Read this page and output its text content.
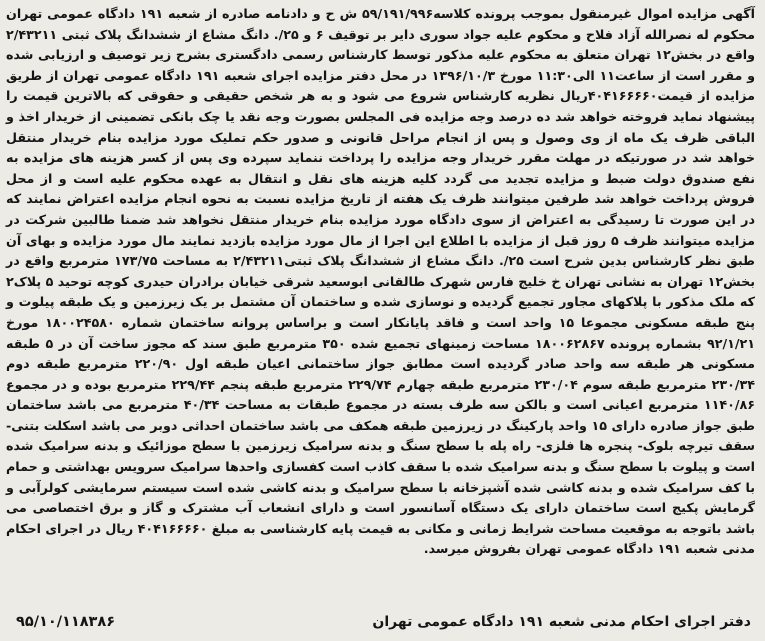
آگهی مزایده اموال غیرمنقول بموجب پرونده کلاسه۵۹/۱۹۱/۹۹۶ ش ح و دادنامه صادره از شعبه ۱۹۱ دادگاه عمومی تهران محکوم له نصرالله آزاد فلاح و محکوم علیه جواد سوری دایر بر توقیف ۶ و ۲۵/. دانگ مشاع از ششدانگ پلاک ثبتی ۲/۴۳۲۱۱ واقع در بخش۱۲ تهران متعلق به محکوم علیه مذکور توسط کارشناس رسمی دادگستری بشرح زیر توصیف و ارزیابی شده و مقرر است از ساعت۱۱ الی۱۱:۳۰ مورخ ۱۳۹۶/۱۰/۳ در محل دفتر مزایده اجرای شعبه ۱۹۱ دادگاه عمومی تهران از طریق مزایده از قیمت۴۰۴۱۶۶۶۶۰ریال نظریه کارشناس شروع می شود و به هر شخص حقیقی و حقوقی که بالاترین قیمت را پیشنهاد نماید فروخته خواهد شد ده درصد وجه مزایده فی المجلس بصورت وجه نقد یا چک بانکی تضمینی از خریدار اخذ و الباقی ظرف یک ماه از وی وصول و پس از انجام مراحل قانونی و صدور حکم تملیک مورد مزایده بنام خریدار منتقل خواهد شد در صورتیکه در مهلت مقرر خریدار وجه مزایده را پرداخت ننماید سپرده وی پس از کسر هزینه های مزایده به نفع صندوق دولت ضبط و مزایده تجدید می گردد کلیه هزینه های نقل و انتقال به عهده محکوم علیه است و از محل فروش پرداخت خواهد شد طرفین میتوانند ظرف یک هفته از تاریخ مزایده نسبت به نحوه انجام مزایده اعتراض نمایند که در این صورت تا رسیدگی به اعتراض از سوی دادگاه مورد مزایده بنام خریدار منتقل نخواهد شد ضمنا طالبین شرکت در مزایده میتوانند ظرف ۵ روز قبل از مزایده با اطلاع این اجرا از مال مورد مزایده بازدید نمایند مال مورد مزایده و بهای آن طبق نظر کارشناس بدین شرح است ۲۵/. دانگ مشاع از ششدانگ پلاک ثبتی۲/۴۳۲۱۱ به مساحت ۱۷۳/۷۵ مترمربع واقع در بخش۱۲ تهران به نشانی تهران خ خلیج فارس شهرک طالقانی ابوسعید شرقی خیابان برادران حیدری کوچه توحید ۵ پلاک۲ که ملک مذکور با پلاکهای مجاور تجمیع گردیده و نوسازی شده و ساختمان آن مشتمل بر یک زیرزمین و یک طبقه پیلوت و پنج طبقه مسکونی مجموعا ۱۵ واحد است و فاقد پایانکار است و براساس پروانه ساختمان شماره ۱۸۰۰۲۴۵۸۰ مورخ ۹۲/۱/۲۱ بشماره پرونده ۱۸۰۰۶۲۸۶۷ مساحت زمینهای تجمیع شده ۳۵۰ مترمربع طبق سند که مجوز ساخت آن در ۵ طبقه مسکونی هر طبقه سه واحد صادر گردیده است مطابق جواز ساختمانی اعیان طبقه اول ۲۲۰/۹۰ مترمربع طبقه دوم ۲۳۰/۳۴ مترمربع طبقه سوم ۲۳۰/۰۴ مترمربع طبقه چهارم ۲۲۹/۷۴ مترمربع طبقه پنجم ۲۲۹/۴۴ مترمربع بوده و در مجموع ۱۱۴۰/۸۶ مترمربع اعیانی است و بالکن سه طرف بسته در مجموع طبقات به مساحت ۴۰/۳۴ مترمربع می باشد ساختمان طبق جواز صادره دارای ۱۵ واحد پارکینگ در زیرزمین طبقه همکف می باشد ساختمان احداثی دوبر می باشد اسکلت بتنی- سقف تیرچه بلوک- پنجره ها فلزی- راه پله با سطح سنگ و بدنه سرامیک زیرزمین با سطح موزائیک و بدنه سرامیک شده است و پیلوت با سطح سنگ و بدنه سرامیک شده با سقف کاذب است کفسازی واحدها سرامیک سرویس بهداشتی و حمام با کف سرامیک شده و بدنه کاشی شده آشپزخانه با سطح سرامیک و بدنه کاشی شده است سیستم سرمایشی کولرآبی و گرمایش پکیج است ساختمان دارای یک دستگاه آسانسور است و دارای انشعاب آب مشترک و گاز و برق اختصاصی می باشد باتوجه به موقعیت مساحت شرایط زمانی و مکانی به قیمت پایه کارشناسی به مبلغ ۴۰۴۱۶۶۶۶۰ ریال در اجرای احکام مدنی شعبه ۱۹۱ دادگاه عمومی تهران بفروش میرسد.
دفتر اجرای احکام مدنی شعبه ۱۹۱ دادگاه عمومی تهران
۹۵/۱۰/۱۱۸۳۸۶
